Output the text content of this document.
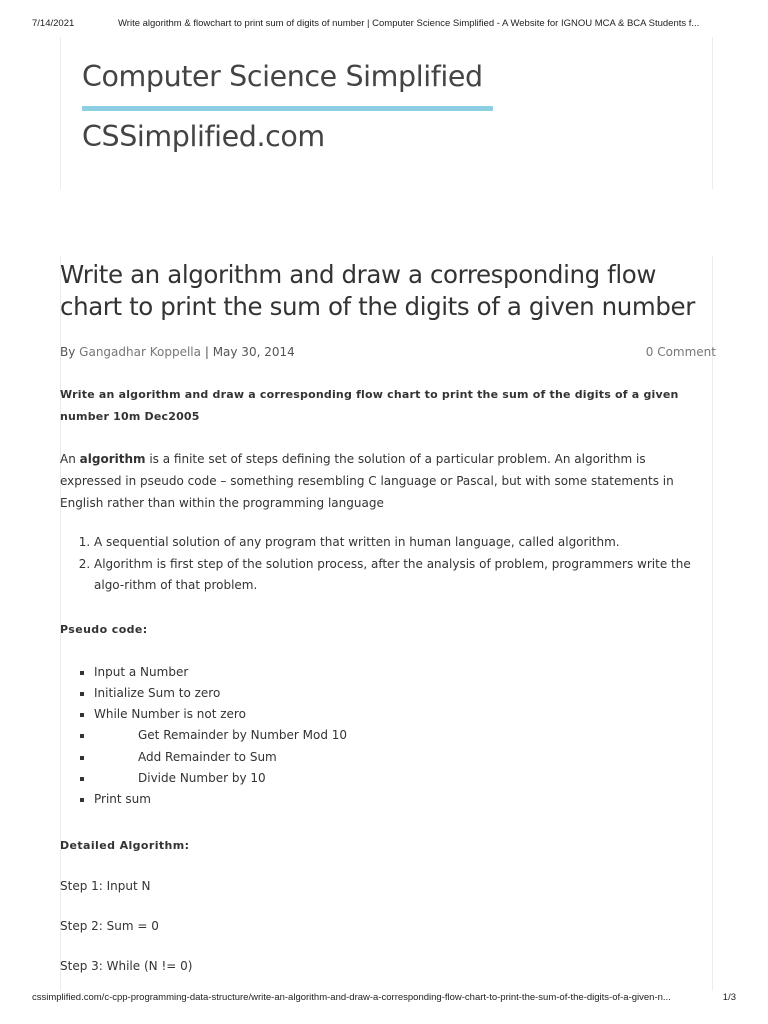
7/14/2021	Write algorithm & flowchart to print sum of digits of number | Computer Science Simplified - A Website for IGNOU MCA & BCA Students f...
Computer Science Simplified
CSSimplified.com
Write an algorithm and draw a corresponding flow chart to print the sum of the digits of a given number
By Gangadhar Koppella | May 30, 2014	0 Comment

Write an algorithm and draw a corresponding flow chart to print the sum of the digits of a given number 10m Dec2005

An algorithm is a finite set of steps defining the solution of a particular problem. An algorithm is expressed in pseudo code – something resembling C language or Pascal, but with some statements in English rather than within the programming language

1. A sequential solution of any program that written in human language, called algorithm.
2. Algorithm is first step of the solution process, after the analysis of problem, programmers write the algo-rithm of that problem.

Pseudo code:

▪ Input a Number
▪ Initialize Sum to zero
▪ While Number is not zero
▪ Get Remainder by Number Mod 10
▪ Add Remainder to Sum
▪ Divide Number by 10
▪ Print sum

Detailed Algorithm:

Step 1: Input N

Step 2: Sum = 0

Step 3: While (N != 0)

cssimplified.com/c-cpp-programming-data-structure/write-an-algorithm-and-draw-a-corresponding-flow-chart-to-print-the-sum-of-the-digits-of-a-given-n...	1/3
